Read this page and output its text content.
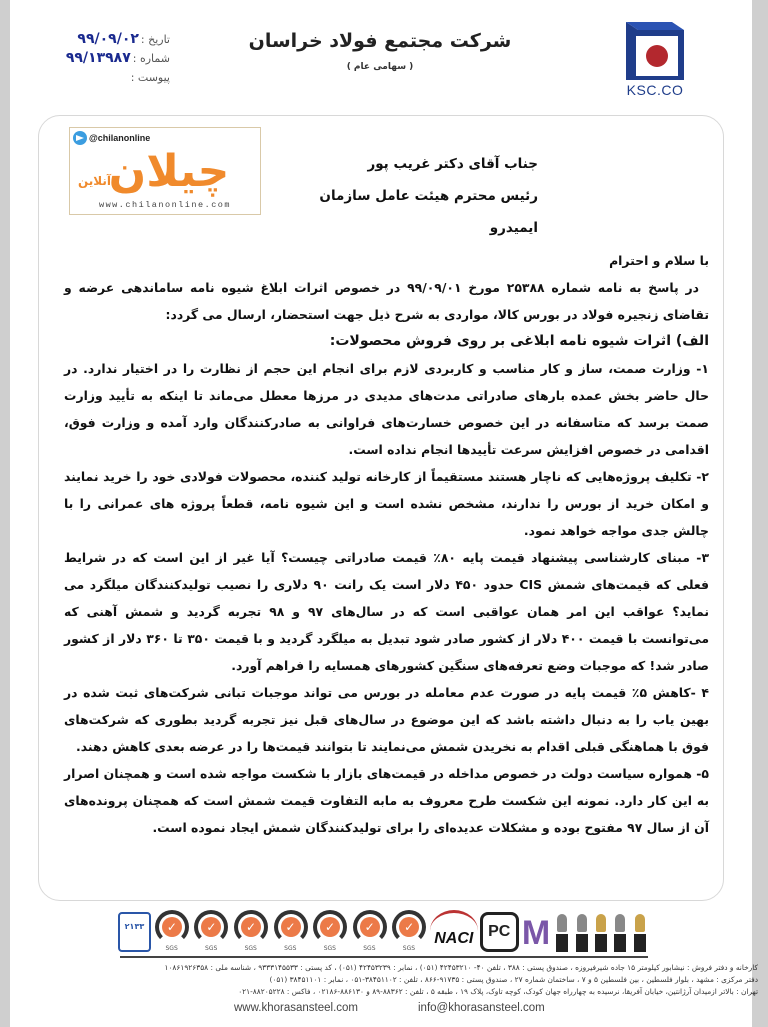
KSC.CO
شرکت مجتمع فولاد خراسان
( سهامی عام )
تاریخ :
۹۹/۰۹/۰۲
شماره :
۹۹/۱۳۹۸۷
پیوست :
@chilanonline
چیلان
آنلاین
www.chilanonline.com
جناب آقای دکتر غریب پور
رئیس محترم هیئت عامل سازمان ایمیدرو

با سلام و احترام

در پاسخ به نامه شماره ۲۵۳۸۸ مورخ ۹۹/۰۹/۰۱ در خصوص اثرات ابلاغ شیوه نامه ساماندهی عرضه و تقاضای زنجیره فولاد در بورس کالا، مواردی به شرح ذیل جهت استحضار، ارسال می گردد:

الف) اثرات شیوه نامه ابلاغی بر روی فروش محصولات:

۱- وزارت صمت، ساز و کار مناسب و کاربردی لازم برای انجام این حجم از نظارت را در اختیار ندارد. در حال حاضر بخش عمده بارهای صادراتی مدت‌های مدیدی در مرزها معطل می‌ماند تا اینکه به تأیید وزارت صمت برسد که متاسفانه در این خصوص خسارت‌های فراوانی به صادرکنندگان وارد آمده و وزارت فوق، اقدامی در خصوص افزایش سرعت تأییدها انجام نداده است.

۲- تکلیف پروژه‌هایی که ناچار هستند مستقیماً از کارخانه تولید کننده، محصولات فولادی خود را خرید نمایند و امکان خرید از بورس را ندارند، مشخص نشده است و این شیوه نامه، قطعاً پروژه های عمرانی را با چالش جدی مواجه خواهد نمود.

۳- مبنای کارشناسی پیشنهاد قیمت پایه ۸۰٪ قیمت صادراتی چیست؟ آیا غیر از این است که در شرایط فعلی که قیمت‌های شمش CIS حدود ۴۵۰ دلار است یک رانت ۹۰ دلاری را نصیب تولیدکنندگان میلگرد می نماید؟ عواقب این امر همان عواقبی است که در سال‌های ۹۷ و ۹۸ تجربه گردید و شمش آهنی که می‌توانست با قیمت ۴۰۰ دلار از کشور صادر شود تبدیل به میلگرد گردید و با قیمت ۳۵۰ تا ۳۶۰ دلار از کشور صادر شد! که موجبات وضع تعرفه‌های سنگین کشورهای همسایه را فراهم آورد.

۴ -کاهش ۵٪ قیمت پایه در صورت عدم معامله در بورس می تواند موجبات تبانی شرکت‌های ثبت شده در بهین یاب را به دنبال داشته باشد که این موضوع در سال‌های قبل نیز تجربه گردید بطوری که شرکت‌های فوق با هماهنگی قبلی اقدام به نخریدن شمش می‌نمایند تا بتوانند قیمت‌ها را در عرضه بعدی کاهش دهند.

۵- همواره سیاست دولت در خصوص مداخله در قیمت‌های بازار با شکست مواجه شده است و همچنان اصرار به این کار دارد. نمونه این شکست طرح معروف به مابه التفاوت قیمت شمش است که همچنان پرونده‌های آن از سال ۹۷ مفتوح بوده و مشکلات عدیده‌ای را برای تولیدکنندگان شمش ایجاد نموده است.

۲۱۳۳	✓
SGS
✓
SGS
✓
SGS
✓
SGS
✓
SGS
✓
SGS
✓
SGS
NACI PC M
کارخانه و دفتر فروش : نیشابور کیلومتر ۱۵ جاده شیرفیروزه ، صندوق پستی : ۳۸۸ ، تلفن ۴۰- ۴۲۴۵۳۲۱۰ (۰۵۱) ، نمابر : ۴۲۴۵۳۲۳۹ (۰۵۱) ، کد پستی : ۹۳۳۳۱۴۵۵۳۳ ، شناسه ملی : ۱۰۸۶۱۹۲۶۳۵۸
دفتر مرکزی : مشهد ، بلوار فلسطین ، بین فلسطین ۵ و ۷ ، ساختمان شماره ۲۷ ، صندوق پستی : ۹۱۷۳۵-۸۶۶ ، تلفن : ۳۸۴۵۱۱۰۲-۰۵۱ ، نمابر : ۳۸۴۵۱۱۰۱ (۰۵۱)
تهران : بالاتر ازمیدان آرژانتین، خیابان آفریقا، نرسیده به چهارراه جهان کودک، کوچه تاوک، پلاک ۱۹ ، طبقه ۵ ، تلفن : ۸۸۳۶۲-۸۹ و ۸۸۶۱۳۰-۰۲۱۸۶ ، فاکس : ۸۸۲۰۵۲۲۸-۰۲۱
www.khorasansteel.com	info@khorasansteel.com
